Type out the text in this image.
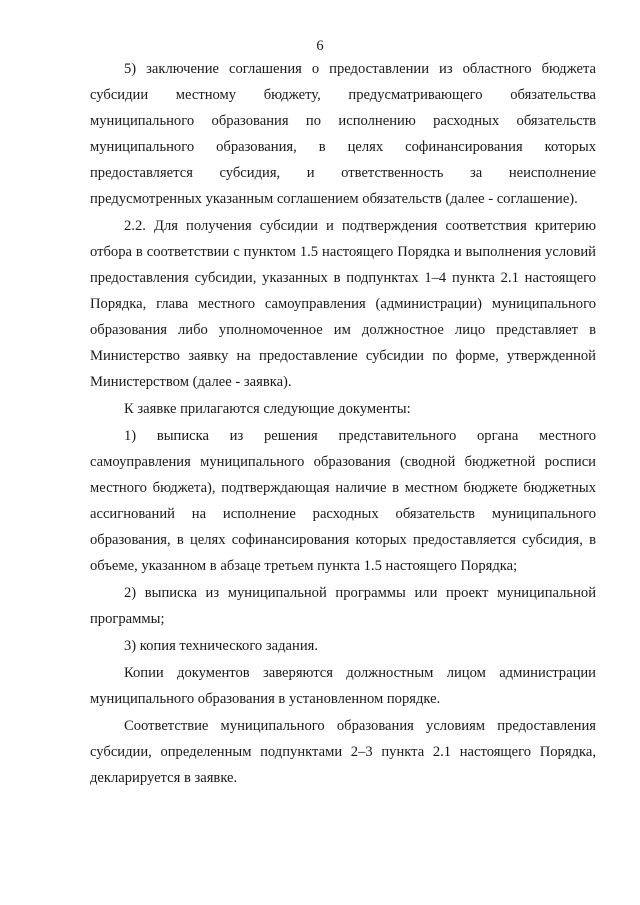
6

5) заключение соглашения о предоставлении из областного бюджета субсидии местному бюджету, предусматривающего обязательства муниципального образования по исполнению расходных обязательств муниципального образования, в целях софинансирования которых предоставляется субсидия, и ответственность за неисполнение предусмотренных указанным соглашением обязательств (далее - соглашение).

2.2. Для получения субсидии и подтверждения соответствия критерию отбора в соответствии с пунктом 1.5 настоящего Порядка и выполнения условий предоставления субсидии, указанных в подпунктах 1–4 пункта 2.1 настоящего Порядка, глава местного самоуправления (администрации) муниципального образования либо уполномоченное им должностное лицо представляет в Министерство заявку на предоставление субсидии по форме, утвержденной Министерством (далее - заявка).

К заявке прилагаются следующие документы:

1) выписка из решения представительного органа местного самоуправления муниципального образования (сводной бюджетной росписи местного бюджета), подтверждающая наличие в местном бюджете бюджетных ассигнований на исполнение расходных обязательств муниципального образования, в целях софинансирования которых предоставляется субсидия, в объеме, указанном в абзаце третьем пункта 1.5 настоящего Порядка;

2) выписка из муниципальной программы или проект муниципальной программы;

3) копия технического задания.

Копии документов заверяются должностным лицом администрации муниципального образования в установленном порядке.

Соответствие муниципального образования условиям предоставления субсидии, определенным подпунктами 2–3 пункта 2.1 настоящего Порядка, декларируется в заявке.
